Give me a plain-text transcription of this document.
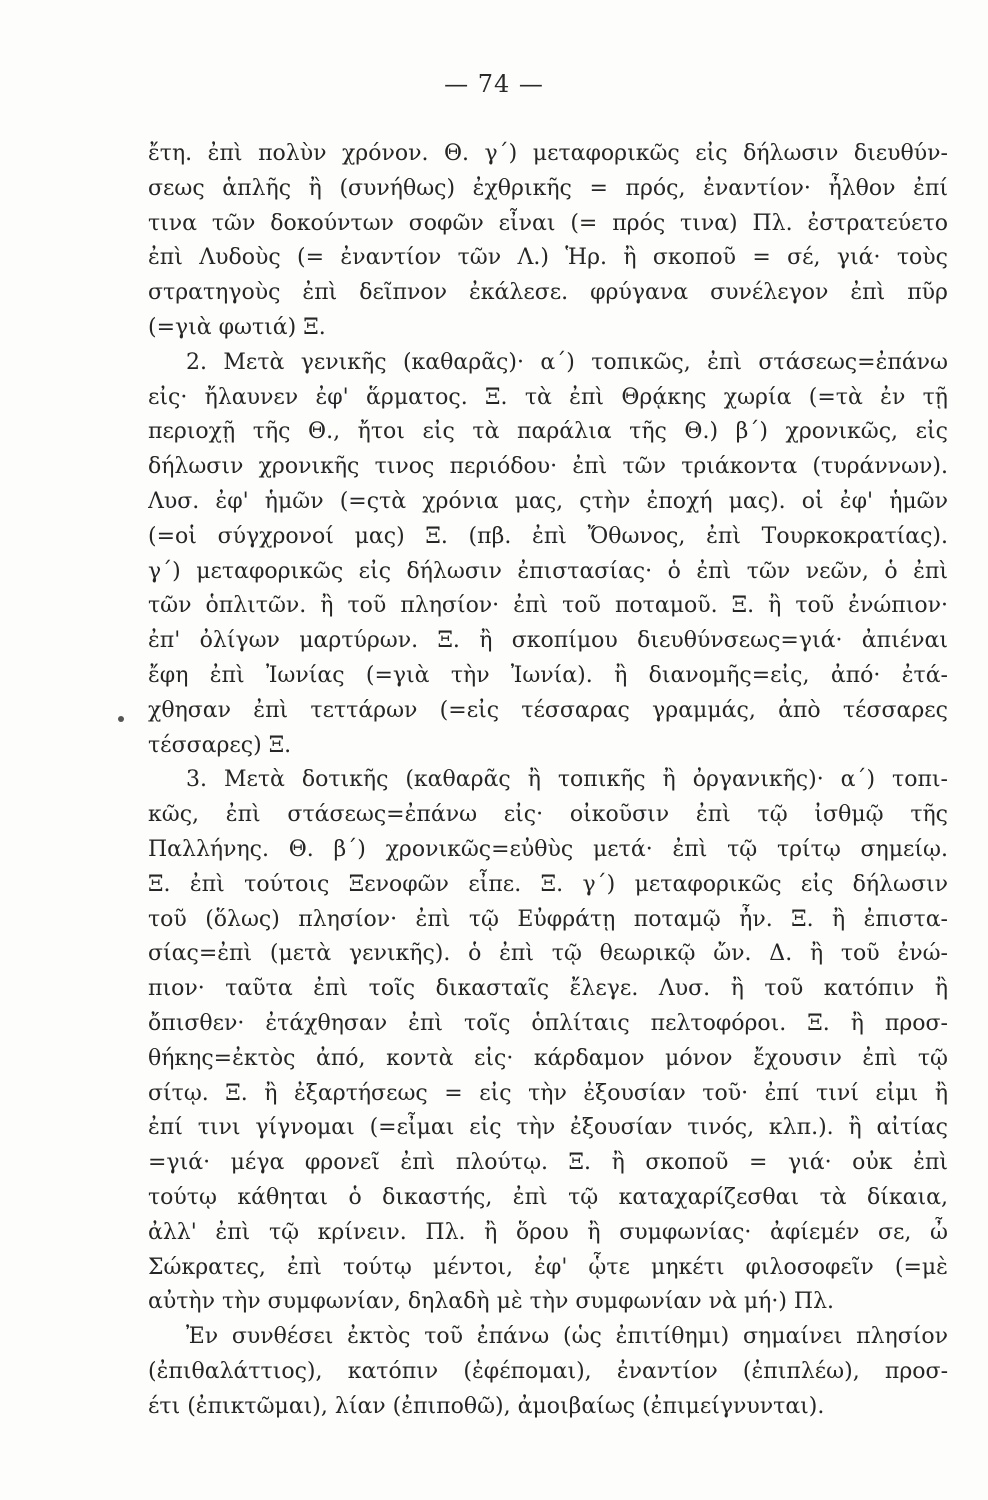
— 74 —
ἔτη. ἐπὶ πολὺν χρόνον. Θ. γ΄) μεταφορικῶς εἰς δήλωσιν διευθύν-
σεως ἁπλῆς ἢ (συνήθως) ἐχθρικῆς = πρός, ἐναντίον· ἦλθον ἐπί
τινα τῶν δοκούντων σοφῶν εἶναι (= πρός τινα) Πλ. ἐστρατεύετο
ἐπὶ Λυδοὺς (= ἐναντίον τῶν Λ.) Ἡρ. ἢ σκοποῦ = σέ, γιά· τοὺς
στρατηγοὺς ἐπὶ δεῖπνον ἐκάλεσε. φρύγανα συνέλεγον ἐπὶ πῦρ
(=γιὰ φωτιά) Ξ.
2. Μετὰ γενικῆς (καθαρᾶς)· α΄) τοπικῶς, ἐπὶ στάσεως=ἐπάνω
εἰς· ἤλαυνεν ἐφ' ἅρματος. Ξ. τὰ ἐπὶ Θρᾴκης χωρία (=τὰ ἐν τῇ
περιοχῇ τῆς Θ., ἤτοι εἰς τὰ παράλια τῆς Θ.) β΄) χρονικῶς, εἰς
δήλωσιν χρονικῆς τινος περιόδου· ἐπὶ τῶν τριάκοντα (τυράννων).
Λυσ. ἐφ' ἡμῶν (=ςτὰ χρόνια μας, ςτὴν ἐποχή μας). οἱ ἐφ' ἡμῶν
(=οἱ σύγχρονοί μας) Ξ. (πβ. ἐπὶ Ὄθωνος, ἐπὶ Τουρκοκρατίας).
γ΄) μεταφορικῶς εἰς δήλωσιν ἐπιστασίας· ὁ ἐπὶ τῶν νεῶν, ὁ ἐπὶ
τῶν ὁπλιτῶν. ἢ τοῦ πλησίον· ἐπὶ τοῦ ποταμοῦ. Ξ. ἢ τοῦ ἐνώπιον·
ἐπ' ὀλίγων μαρτύρων. Ξ. ἢ σκοπίμου διευθύνσεως=γιά· ἀπιέναι
ἔφη ἐπὶ Ἰωνίας (=γιὰ τὴν Ἰωνία). ἢ διανομῆς=εἰς, ἀπό· ἐτά-
χθησαν ἐπὶ τεττάρων (=εἰς τέσσαρας γραμμάς, ἀπὸ τέσσαρες
τέσσαρες) Ξ.
3. Μετὰ δοτικῆς (καθαρᾶς ἢ τοπικῆς ἢ ὀργανικῆς)· α΄) τοπι-
κῶς, ἐπὶ στάσεως=ἐπάνω εἰς· οἰκοῦσιν ἐπὶ τῷ ἰσθμῷ τῆς
Παλλήνης. Θ. β΄) χρονικῶς=εὐθὺς μετά· ἐπὶ τῷ τρίτῳ σημείῳ.
Ξ. ἐπὶ τούτοις Ξενοφῶν εἶπε. Ξ. γ΄) μεταφορικῶς εἰς δήλωσιν
τοῦ (ὅλως) πλησίον· ἐπὶ τῷ Εὐφράτῃ ποταμῷ ἦν. Ξ. ἢ ἐπιστα-
σίας=ἐπὶ (μετὰ γενικῆς). ὁ ἐπὶ τῷ θεωρικῷ ὤν. Δ. ἢ τοῦ ἐνώ-
πιον· ταῦτα ἐπὶ τοῖς δικασταῖς ἔλεγε. Λυσ. ἢ τοῦ κατόπιν ἢ
ὄπισθεν· ἐτάχθησαν ἐπὶ τοῖς ὁπλίταις πελτοφόροι. Ξ. ἢ προσ-
θήκης=ἐκτὸς ἀπό, κοντὰ εἰς· κάρδαμον μόνον ἔχουσιν ἐπὶ τῷ
σίτῳ. Ξ. ἢ ἐξαρτήσεως = εἰς τὴν ἐξουσίαν τοῦ· ἐπί τινί εἰμι ἢ
ἐπί τινι γίγνομαι (=εἶμαι εἰς τὴν ἐξουσίαν τινός, κλπ.). ἢ αἰτίας
=γιά· μέγα φρονεῖ ἐπὶ πλούτῳ. Ξ. ἢ σκοποῦ = γιά· οὐκ ἐπὶ
τούτῳ κάθηται ὁ δικαστής, ἐπὶ τῷ καταχαρίζεσθαι τὰ δίκαια,
ἀλλ' ἐπὶ τῷ κρίνειν. Πλ. ἢ ὅρου ἢ συμφωνίας· ἀφίεμέν σε, ὦ
Σώκρατες, ἐπὶ τούτῳ μέντοι, ἐφ' ᾧτε μηκέτι φιλοσοφεῖν (=μὲ
αὐτὴν τὴν συμφωνίαν, δηλαδὴ μὲ τὴν συμφωνίαν νὰ μή·) Πλ.
Ἐν συνθέσει ἐκτὸς τοῦ ἐπάνω (ὡς ἐπιτίθημι) σημαίνει πλησίον
(ἐπιθαλάττιος), κατόπιν (ἐφέπομαι), ἐναντίον (ἐπιπλέω), προσ-
έτι (ἐπικτῶμαι), λίαν (ἐπιποθῶ), ἀμοιβαίως (ἐπιμείγνυνται).
